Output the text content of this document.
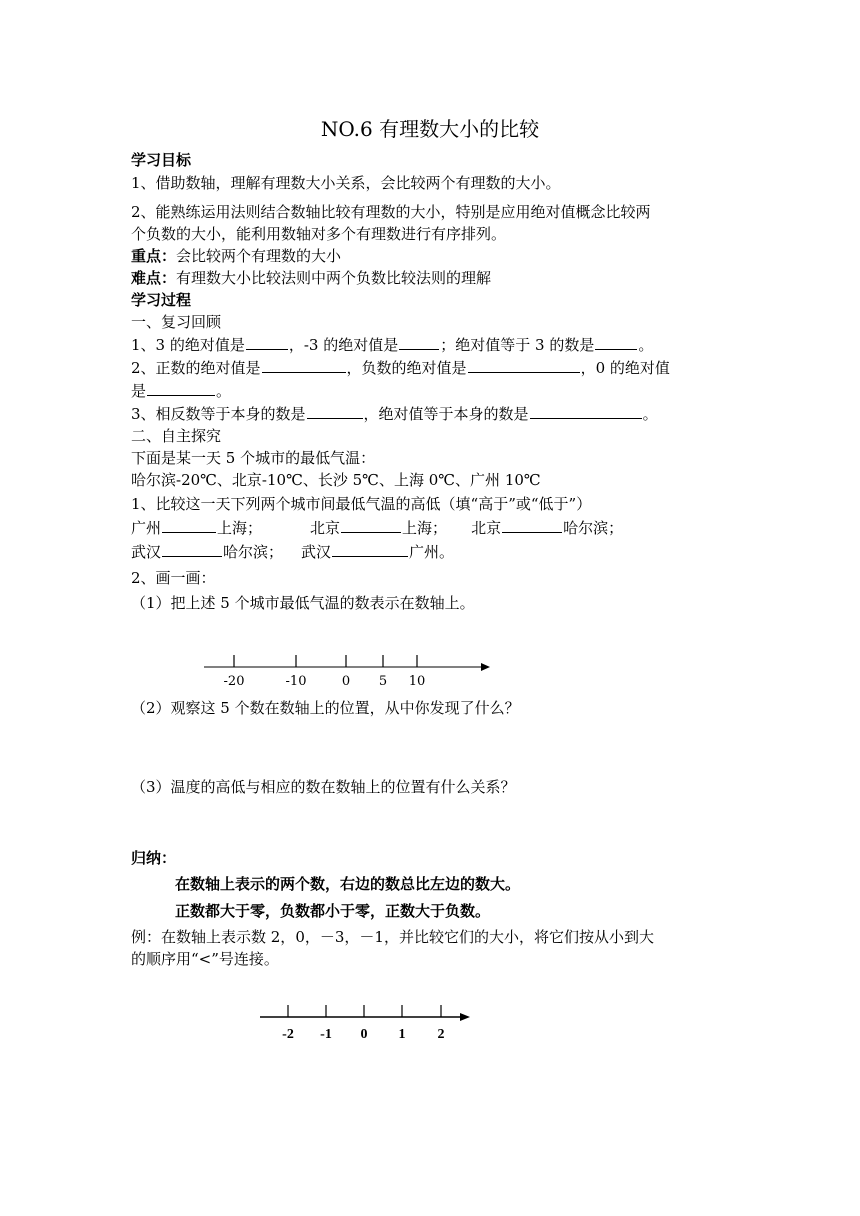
NO.6 有理数大小的比较
学习目标
1、借助数轴，理解有理数大小关系，会比较两个有理数的大小。
2、能熟练运用法则结合数轴比较有理数的大小，特别是应用绝对值概念比较两
个负数的大小，能利用数轴对多个有理数进行有序排列。
重点：会比较两个有理数的大小
难点：有理数大小比较法则中两个负数比较法则的理解
学习过程
一、复习回顾
1、3 的绝对值是	，-3 的绝对值是	；绝对值等于 3 的数是	。
2、正数的绝对值是	，负数的绝对值是	，0 的绝对值
是	。
3、相反数等于本身的数是	，绝对值等于本身的数是	。
二、自主探究
下面是某一天 5 个城市的最低气温：
哈尔滨-20℃、北京-10℃、长沙 5℃、上海 0℃、广州 10℃
1、比较这一天下列两个城市间最低气温的高低（填“高于”或“低于”）
广州	上海；	北京	上海； 北京	哈尔滨；
武汉	哈尔滨； 武汉	广州。
2、画一画：
（1）把上述 5 个城市最低气温的数表示在数轴上。
-20	-10	0 5 10
（2）观察这 5 个数在数轴上的位置，从中你发现了什么？
（3）温度的高低与相应的数在数轴上的位置有什么关系？
归纳：
在数轴上表示的两个数，右边的数总比左边的数大。
正数都大于零，负数都小于零，正数大于负数。
例：在数轴上表示数 2，0，－3，－1，并比较它们的大小，将它们按从小到大
的顺序用“<”号连接。
-2 -1 0 1 2
